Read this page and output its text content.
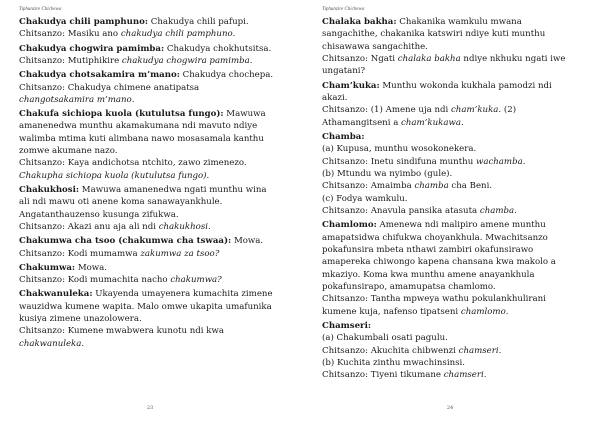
Tiphunzire Chichewa
Chakudya chili pamphuno: Chakudya chili pafupi.
Chitsanzo: Masiku ano chakudya chili pamphuno.
Chakudya chogwira pamimba: Chakudya chokhutsitsa.
Chitsanzo: Mutiphikire chakudya chogwira pamimba.
Chakudya chotsakamira m’mano: Chakudya chochepa.
Chitsanzo: Chakudya chimene anatipatsa
changotsakamira m’mano.
Chakufa sichiopa kuola (kutulutsa fungo): Mawuwa
amanenedwa munthu akamakumana ndi mavuto ndiye
walimba mtima kuti alimbana nawo mosasamala kanthu
zomwe akumane nazo.
Chitsanzo: Kaya andichotsa ntchito, zawo zimenezo.
Chakupha sichiopa kuola (kutulutsa fungo).
Chakukhosi: Mawuwa amanenedwa ngati munthu wina
ali ndi mawu oti anene koma sanawayankhule.
Angatanthauzenso kusunga zifukwa.
Chitsanzo: Akazi anu aja ali ndi chakukhosi.
Chakumwa cha tsoo (chakumwa cha tswaa): Mowa.
Chitsanzo: Kodi mumamwa zakumwa za tsoo?
Chakumwa: Mowa.
Chitsanzo: Kodi mumachita nacho chakumwa?
Chakwanuleka: Ukayenda umayenera kumachita zimene
wauzidwa kumene wapita. Malo omwe ukapita umafunika
kusiya zimene unazolowera.
Chitsanzo: Kumene mwabwera kunotu ndi kwa
chakwanuleka.
23
Tiphunzire Chichewa
Chalaka bakha: Chakanika wamkulu mwana
sangachithe, chakanika katswiri ndiye kuti munthu
chisawawa sangachithe.
Chitsanzo: Ngati chalaka bakha ndiye nkhuku ngati iwe
ungatani?
Cham’kuka: Munthu wokonda kukhala pamodzi ndi
akazi.
Chitsanzo: (1) Amene uja ndi cham’kuka. (2)
Athamangitseni a cham’kukawa.
Chamba:
(a) Kupusa, munthu wosokonekera.
Chitsanzo: Inetu sindifuna munthu wachamba.
(b) Mtundu wa nyimbo (gule).
Chitsanzo: Amaimba chamba cha Beni.
(c) Fodya wamkulu.
Chitsanzo: Anavula pansika atasuta chamba.
Chamlomo: Amenewa ndi malipiro amene munthu
amapatsidwa chifukwa choyankhula. Mwachitsanzo
pokafunsira mbeta nthawi zambiri okafunsirawo
amapereka chiwongo kapena chansana kwa makolo a
mkaziyo. Koma kwa munthu amene anayankhula
pokafunsirapo, amamupatsa chamlomo.
Chitsanzo: Tantha mpweya wathu pokulankhulirani
kumene kuja, nafenso tipatseni chamlomo.
Chamseri:
(a) Chakumbali osati pagulu.
Chitsanzo: Akuchita chibwenzi chamseri.
(b) Kuchita zinthu mwachinsinsi.
Chitsanzo: Tiyeni tikumane chamseri.
24
